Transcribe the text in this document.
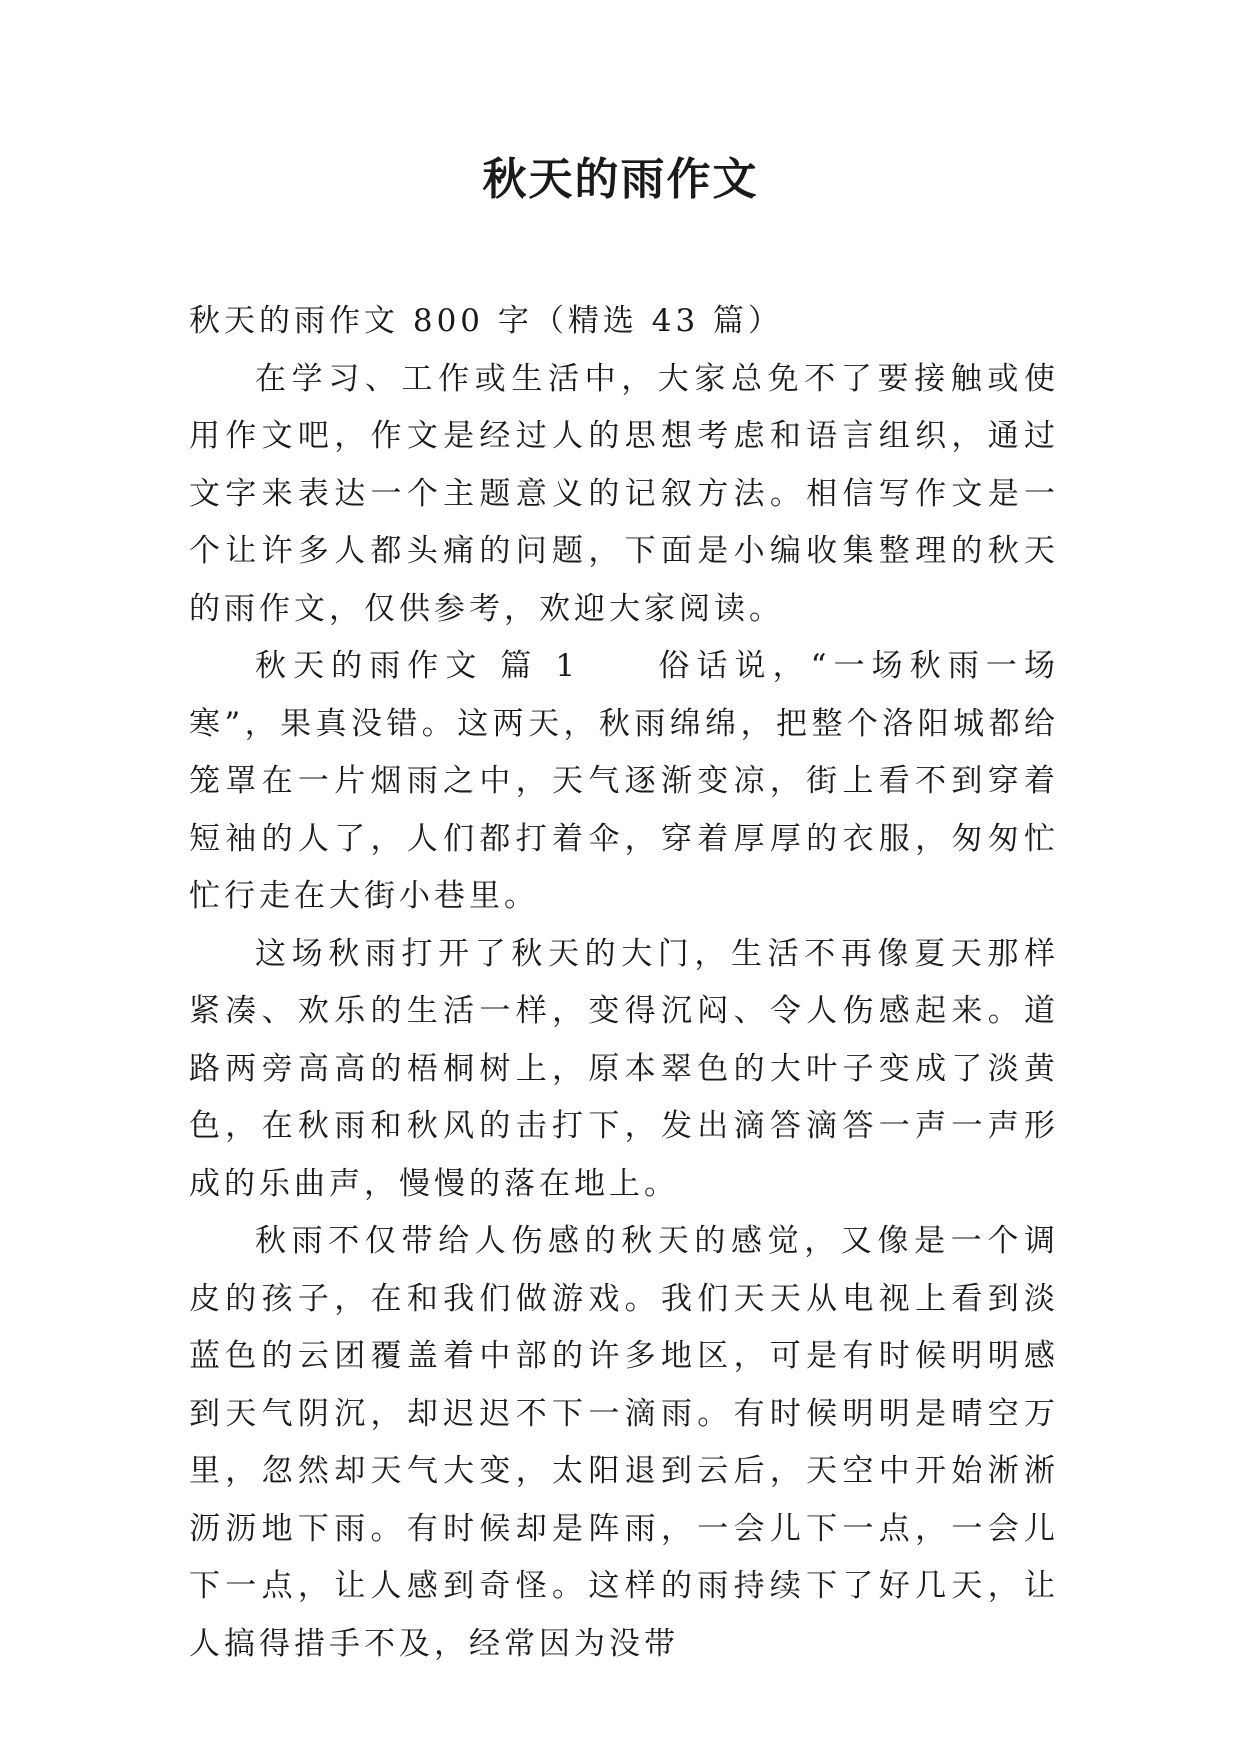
秋天的雨作文

秋天的雨作文 800 字（精选 43 篇）

在学习、工作或生活中，大家总免不了要接触或使用作文吧，作文是经过人的思想考虑和语言组织，通过文字来表达一个主题意义的记叙方法。相信写作文是一个让许多人都头痛的问题，下面是小编收集整理的秋天的雨作文，仅供参考，欢迎大家阅读。

秋天的雨作文 篇 1　　俗话说，“一场秋雨一场寒”，果真没错。这两天，秋雨绵绵，把整个洛阳城都给笼罩在一片烟雨之中，天气逐渐变凉，街上看不到穿着短袖的人了，人们都打着伞，穿着厚厚的衣服，匆匆忙忙行走在大街小巷里。

这场秋雨打开了秋天的大门，生活不再像夏天那样紧凑、欢乐的生活一样，变得沉闷、令人伤感起来。道路两旁高高的梧桐树上，原本翠色的大叶子变成了淡黄色，在秋雨和秋风的击打下，发出滴答滴答一声一声形成的乐曲声，慢慢的落在地上。

秋雨不仅带给人伤感的秋天的感觉，又像是一个调皮的孩子，在和我们做游戏。我们天天从电视上看到淡蓝色的云团覆盖着中部的许多地区，可是有时候明明感到天气阴沉，却迟迟不下一滴雨。有时候明明是晴空万里，忽然却天气大变，太阳退到云后，天空中开始淅淅沥沥地下雨。有时候却是阵雨，一会儿下一点，一会儿下一点，让人感到奇怪。这样的雨持续下了好几天，让人搞得措手不及，经常因为没带
